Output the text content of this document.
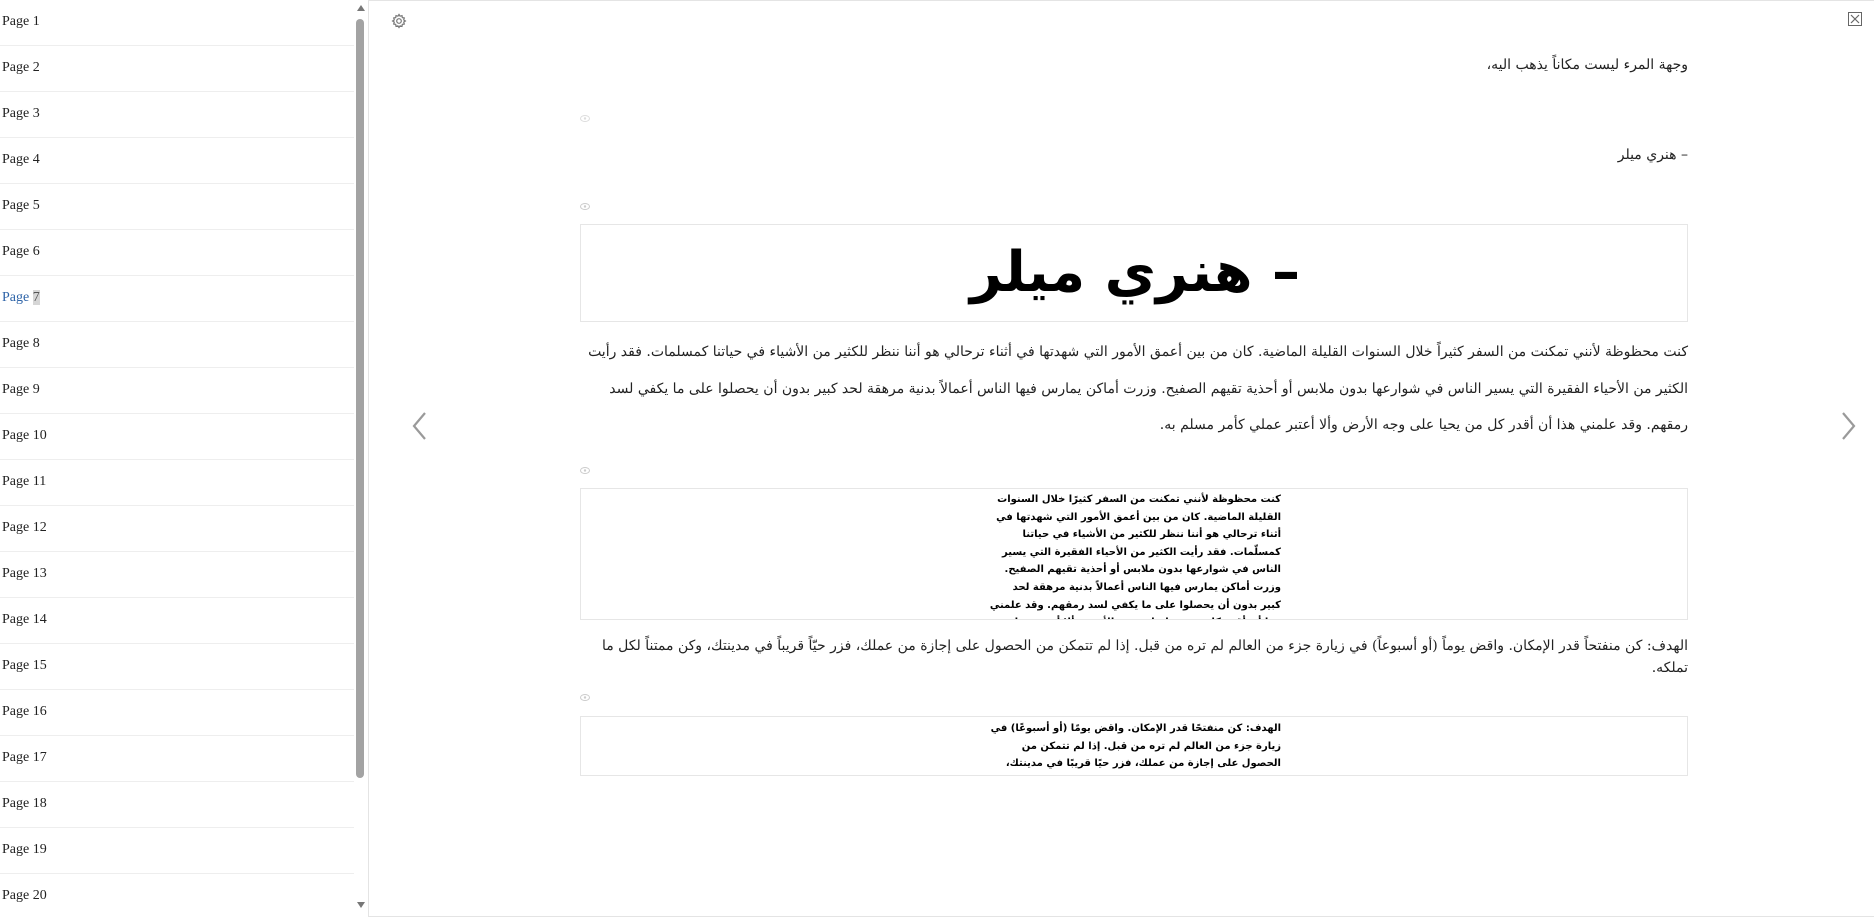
Page 1
Page 2
Page 3
Page 4
Page 5
Page 6
Page 7
Page 8
Page 9
Page 10
Page 11
Page 12
Page 13
Page 14
Page 15
Page 16
Page 17
Page 18
Page 19
Page 20
وجهة المرء ليست مكاناً يذهب اليه،
– هنري ميلر
– هنري ميلر
كنت محظوظة لأنني تمكنت من السفر كثيراً خلال السنوات القليلة الماضية. كان من بين أعمق الأمور التي شهدتها في أثناء ترحالي هو أننا ننظر للكثير من الأشياء في حياتنا كمسلمات. فقد رأيت الكثير من الأحياء الفقيرة التي يسير الناس في شوارعها بدون ملابس أو أحذية تقيهم الصفيح. وزرت أماكن يمارس فيها الناس أعمالاً بدنية مرهقة لحد كبير بدون أن يحصلوا على ما يكفي لسد رمقهم. وقد علمني هذا أن أقدر كل من يحيا على وجه الأرض وألا أعتبر عملي كأمر مسلم به.
كنت محظوظة لأنني تمكنت من السفر كثيرًا خلال السنوات القليلة الماضية. كان من بين أعمق الأمور التي شهدتها في أثناء ترحالي هو أننا ننظر للكثير من الأشياء في حياتنا كمسلّمات. فقد رأيت الكثير من الأحياء الفقيرة التي يسير الناس في شوارعها بدون ملابس أو أحذية تقيهم الصفيح. وزرت أماكن يمارس فيها الناس أعمالاً بدنية مرهقة لحد كبير بدون أن يحصلوا على ما يكفي لسد رمقهم. وقد علمني
الهدف: كن منفتحاً قدر الإمكان. واقض يوماً (أو أسبوعاً) في زيارة جزء من العالم لم تره من قبل. إذا لم تتمكن من الحصول على إجازة من عملك، فزر حيّاً قريباً في مدينتك، وكن ممتناً لكل ما تملكه.
الهدف: كن منفتحًا قدر الإمكان. واقض يومًا (أو أسبوعًا) في زيارة جزء من العالم لم تره من قبل. إذا لم تتمكن من الحصول على إجازة من عملك، فزر حيًا قريبًا في مدينتك،
